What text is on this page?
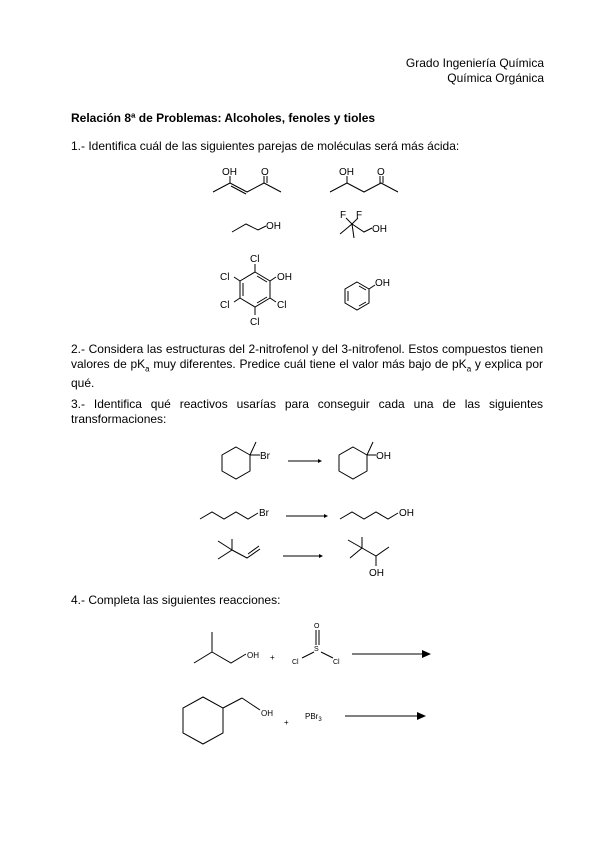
Grado Ingeniería Química
Química Orgánica
Relación 8ª de Problemas: Alcoholes, fenoles y tioles
1.- Identifica cuál de las siguientes parejas de moléculas será más ácida:
OH O	OH O
OH
F F
OH
Cl
OH
Cl
Cl
Cl
Cl
OH
Br	OH
Br	OH
OH
OH +
O
S
Cl	Cl
OH
+
PBr$_3$
2.- Considera las estructuras del 2-nitrofenol y del 3-nitrofenol. Estos compuestos tienen valores de $pK_a$ muy diferentes. Predice cuál tiene el valor más bajo de $pK_a$ y explica por qué.
3.- Identifica qué reactivos usarías para conseguir cada una de las siguientes transformaciones:
4.- Completa las siguientes reacciones:
